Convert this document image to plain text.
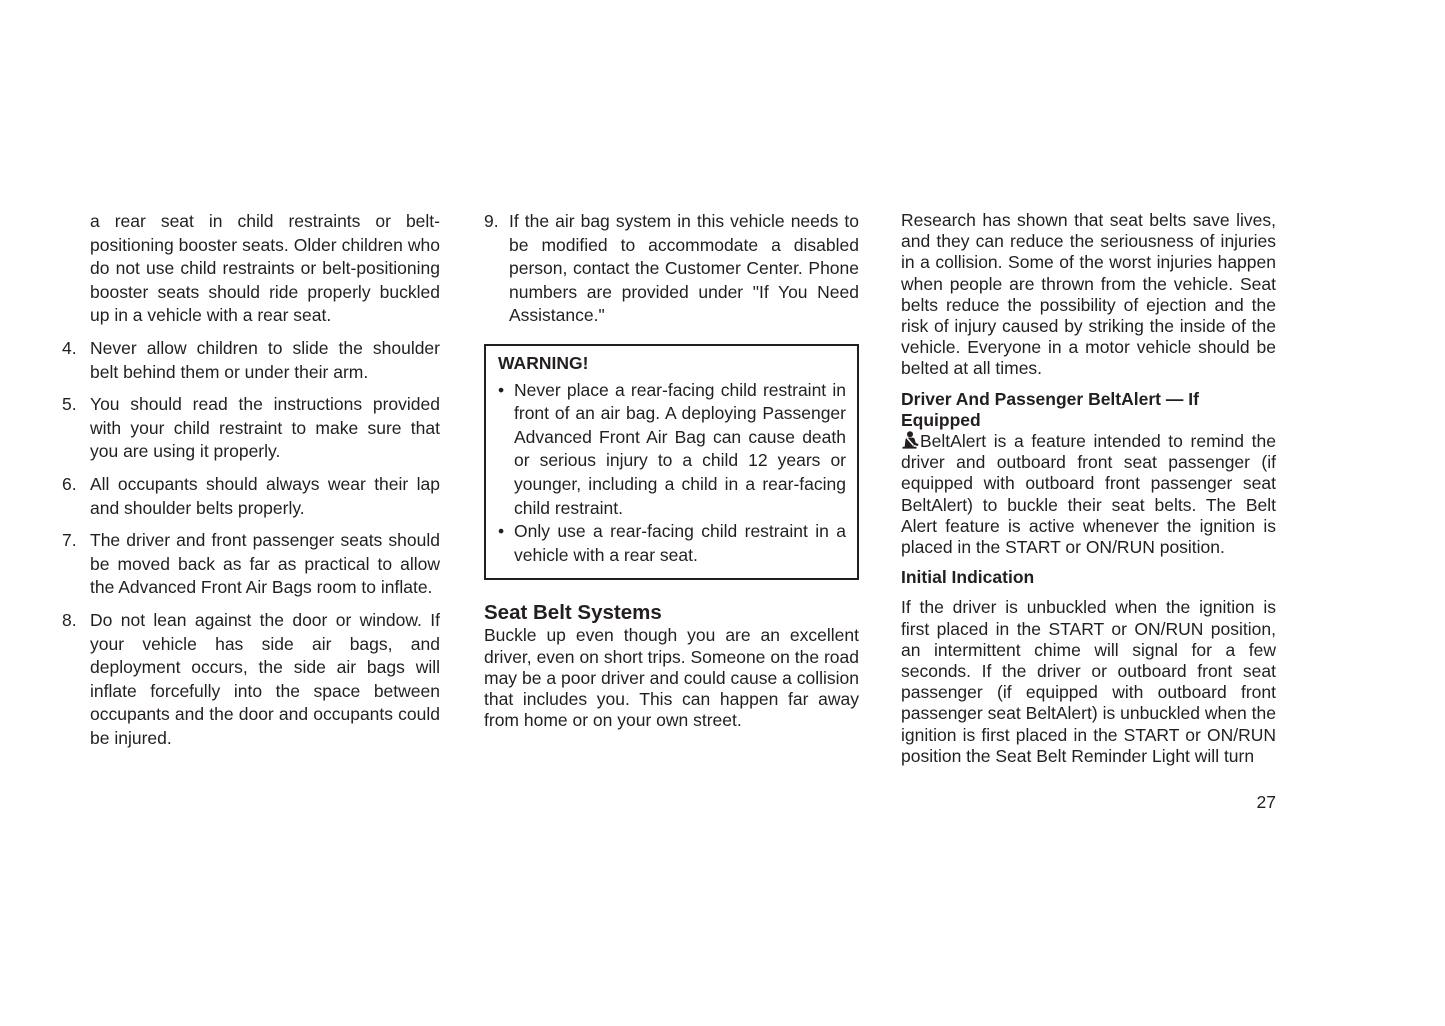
a rear seat in child restraints or belt-positioning booster seats. Older children who do not use child restraints or belt-positioning booster seats should ride properly buckled up in a vehicle with a rear seat.
4. Never allow children to slide the shoulder belt behind them or under their arm.
5. You should read the instructions provided with your child restraint to make sure that you are using it properly.
6. All occupants should always wear their lap and shoulder belts properly.
7. The driver and front passenger seats should be moved back as far as practical to allow the Advanced Front Air Bags room to inflate.
8. Do not lean against the door or window. If your vehicle has side air bags, and deployment occurs, the side air bags will inflate forcefully into the space between occupants and the door and occupants could be injured.
9. If the air bag system in this vehicle needs to be modified to accommodate a disabled person, contact the Customer Center. Phone numbers are provided under "If You Need Assistance."
WARNING!
• Never place a rear-facing child restraint in front of an air bag. A deploying Passenger Advanced Front Air Bag can cause death or serious injury to a child 12 years or younger, including a child in a rear-facing child restraint.
• Only use a rear-facing child restraint in a vehicle with a rear seat.
Seat Belt Systems
Buckle up even though you are an excellent driver, even on short trips. Someone on the road may be a poor driver and could cause a collision that includes you. This can happen far away from home or on your own street.
Research has shown that seat belts save lives, and they can reduce the seriousness of injuries in a collision. Some of the worst injuries happen when people are thrown from the vehicle. Seat belts reduce the possibility of ejection and the risk of injury caused by striking the inside of the vehicle. Everyone in a motor vehicle should be belted at all times.
Driver And Passenger BeltAlert — If Equipped
BeltAlert is a feature intended to remind the driver and outboard front seat passenger (if equipped with outboard front passenger seat BeltAlert) to buckle their seat belts. The Belt Alert feature is active whenever the ignition is placed in the START or ON/RUN position.
Initial Indication
If the driver is unbuckled when the ignition is first placed in the START or ON/RUN position, an intermittent chime will signal for a few seconds. If the driver or outboard front seat passenger (if equipped with outboard front passenger seat BeltAlert) is unbuckled when the ignition is first placed in the START or ON/RUN position the Seat Belt Reminder Light will turn
27
